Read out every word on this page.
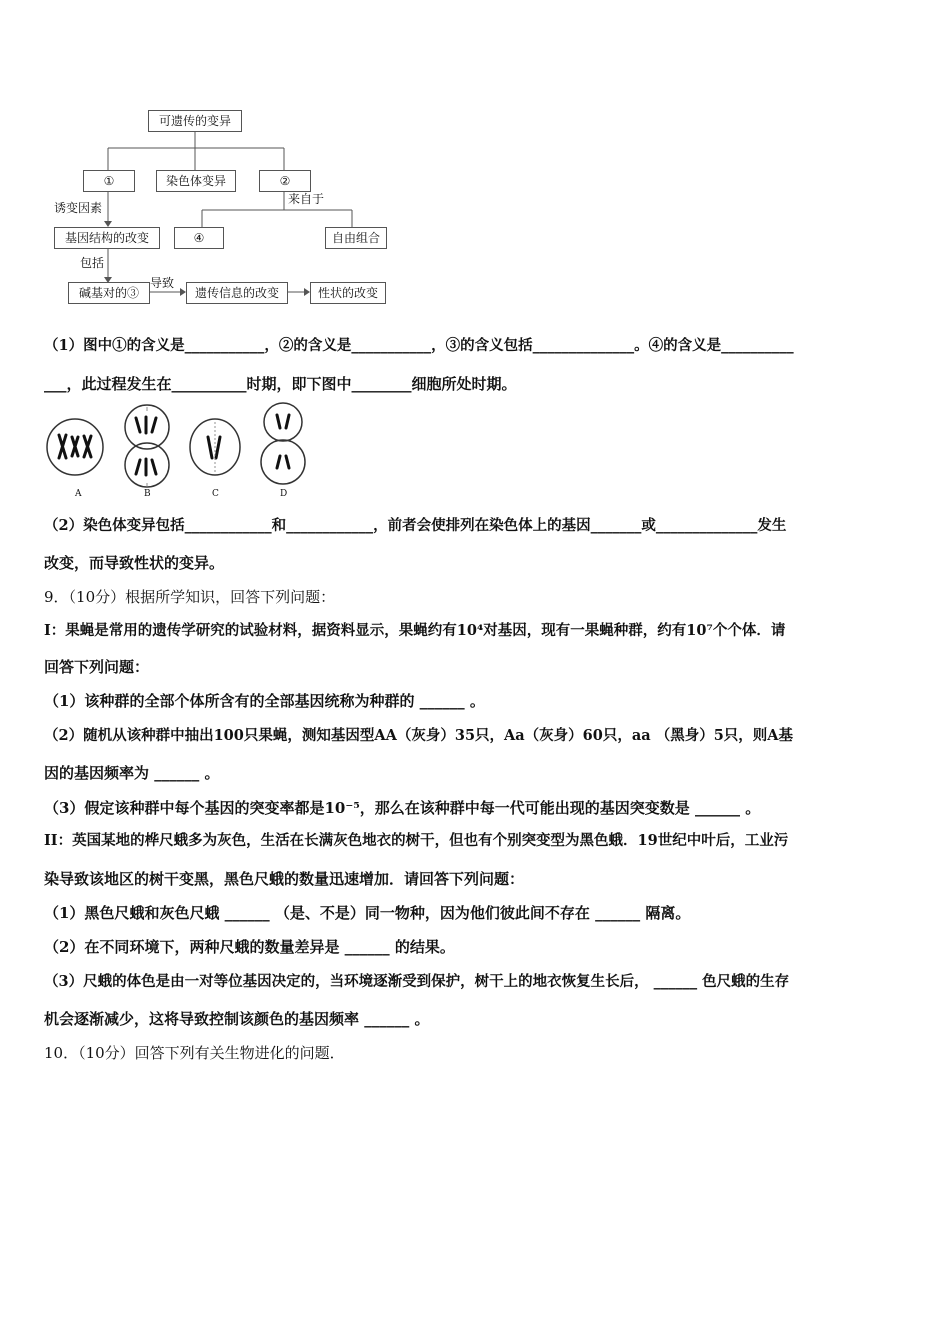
可遗传的变异
①	染色体变异	②
基因结构的改变	④	自由组合
碱基对的③	遗传信息的改变	性状的改变
诱变因素
包括
导致
来自于
（1）图中①的含义是___________，②的含义是___________，③的含义包括______________。④的含义是__________
___，此过程发生在__________时期，即下图中________细胞所处时期。
A	B	C	D
（2）染色体变异包括____________和____________，前者会使排列在染色体上的基因_______或______________发生
改变，而导致性状的变异。
9．（10分）根据所学知识，回答下列问题：
I：果蝇是常用的遗传学研究的试验材料，据资料显示，果蝇约有10⁴对基因，现有一果蝇种群，约有10⁷个个体．请
回答下列问题：
（1）该种群的全部个体所含有的全部基因统称为种群的 ______ 。
（2）随机从该种群中抽出100只果蝇，测知基因型AA（灰身）35只，Aa（灰身）60只，aa （黑身）5只，则A基
因的基因频率为 ______ 。
（3）假定该种群中每个基因的突变率都是10⁻⁵，那么在该种群中每一代可能出现的基因突变数是 ______ 。
II：英国某地的桦尺蛾多为灰色，生活在长满灰色地衣的树干，但也有个别突变型为黑色蛾．19世纪中叶后，工业污
染导致该地区的树干变黑，黑色尺蛾的数量迅速增加．请回答下列问题：
（1）黑色尺蛾和灰色尺蛾 ______ （是、不是）同一物种，因为他们彼此间不存在 ______ 隔离。
（2）在不同环境下，两种尺蛾的数量差异是 ______ 的结果。
（3）尺蛾的体色是由一对等位基因决定的，当环境逐渐受到保护，树干上的地衣恢复生长后， ______ 色尺蛾的生存
机会逐渐减少，这将导致控制该颜色的基因频率 ______ 。
10．（10分）回答下列有关生物进化的问题．
